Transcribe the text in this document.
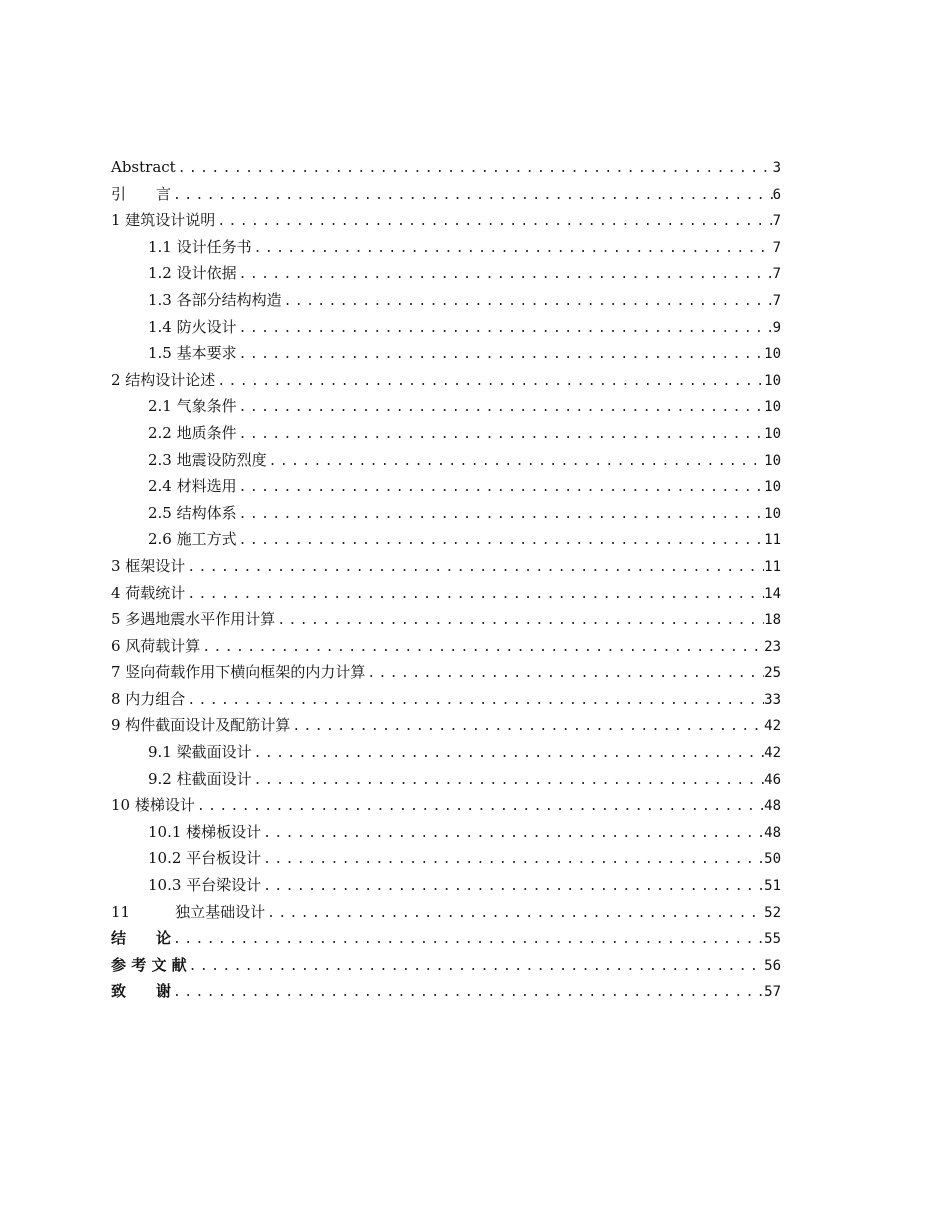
Abstract .....	3
引　　言 .....	6
1 建筑设计说明 .....	7
1.1 设计任务书 .....	7
1.2 设计依据 .....	7
1.3 各部分结构构造 .....	7
1.4 防火设计 .....	9
1.5 基本要求 .....	10
2 结构设计论述 .....	10
2.1 气象条件 .....	10
2.2 地质条件 .....	10
2.3 地震设防烈度 .....	10
2.4 材料选用 .....	10
2.5 结构体系 .....	10
2.6 施工方式 .....	11
3 框架设计 .....	11
4 荷载统计 .....	14
5 多遇地震水平作用计算 .....	18
6 风荷载计算 .....	23
7 竖向荷载作用下横向框架的内力计算 .....	25
8 内力组合 .....	33
9 构件截面设计及配筋计算 .....	42
9.1 梁截面设计 .....	42
9.2 柱截面设计 .....	46
10 楼梯设计 .....	48
10.1 楼梯板设计 .....	48
10.2 平台板设计 .....	50
10.3 平台梁设计 .....	51
11　　　独立基础设计 .....	52
结　　论 .....	55
参 考 文 献 .....	56
致　　谢 .....	57
